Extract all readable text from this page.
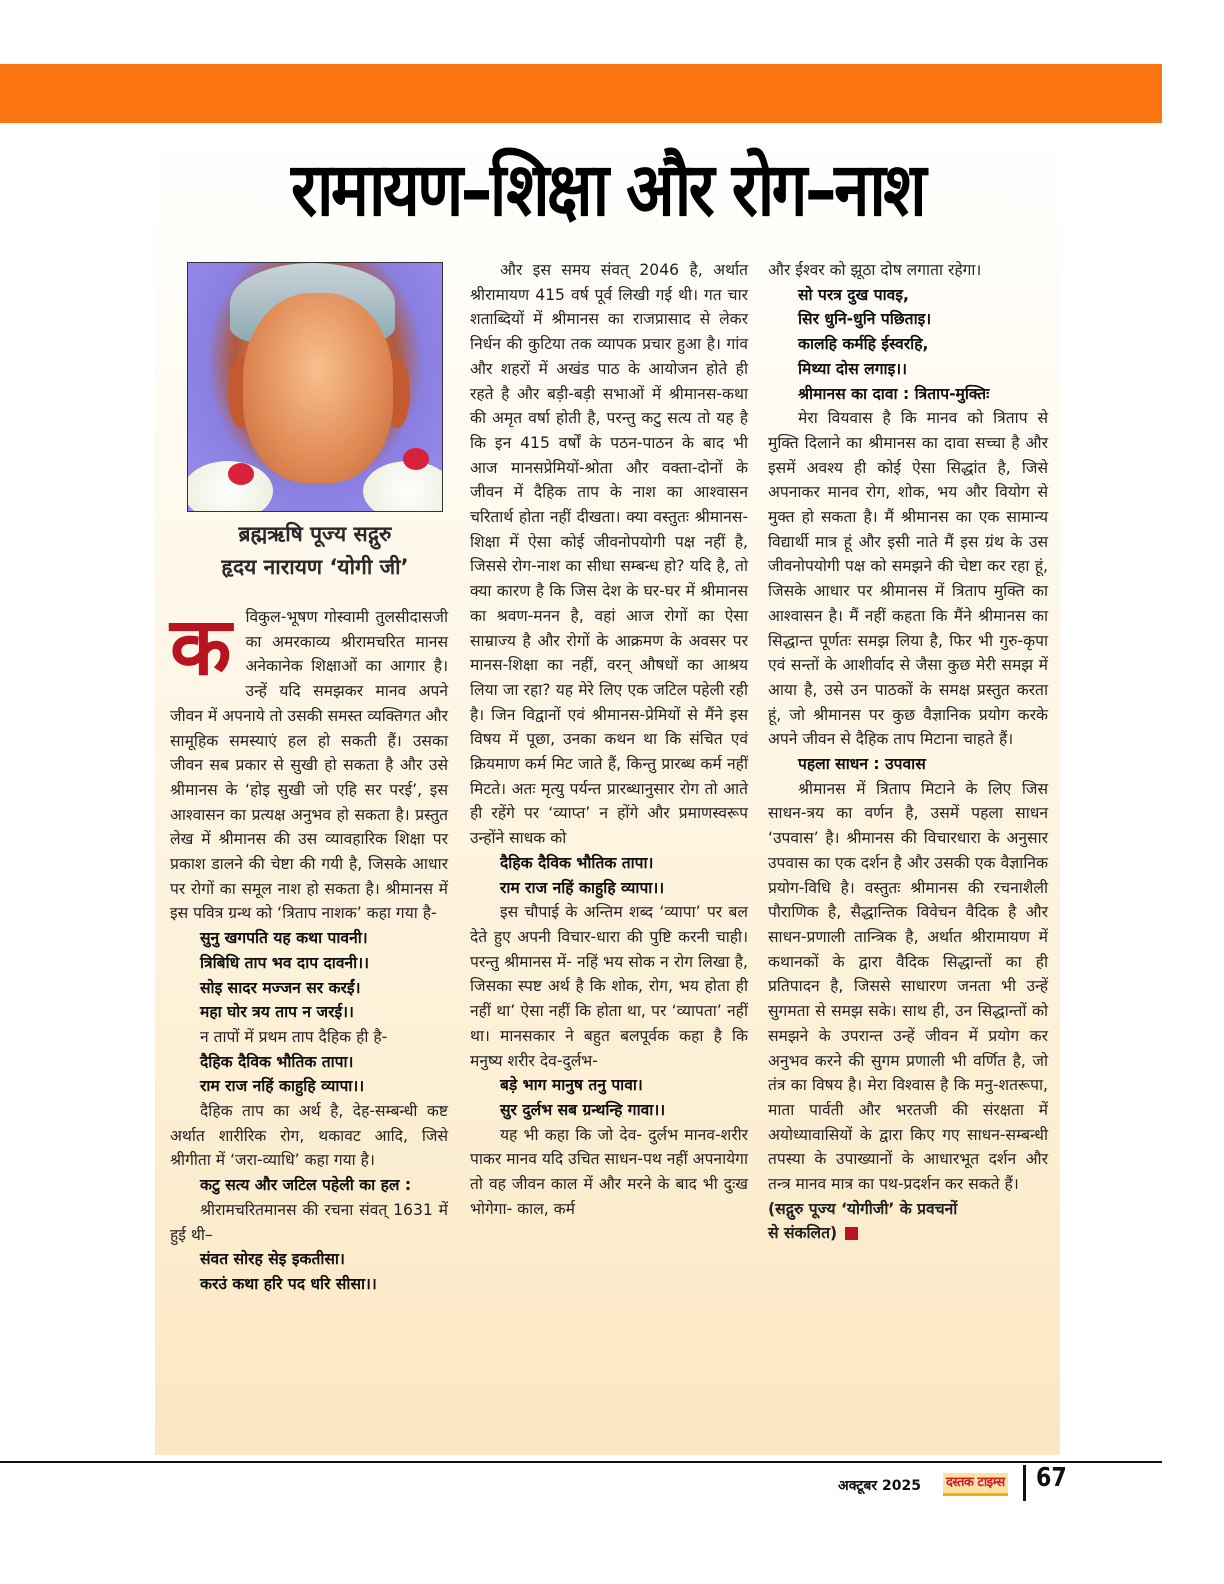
रामायण–शिक्षा और रोग–नाश
ब्रह्मऋषि पूज्य सद्गुरु
हृदय नारायण ‘योगी जी’
क विकुल-भूषण गोस्वामी तुलसीदासजी का अमरकाव्य श्रीरामचरित मानस अनेकानेक शिक्षाओं का आगार है। उन्हें यदि समझकर मानव अपने जीवन में अपनाये तो उसकी समस्त व्यक्तिगत और सामूहिक समस्याएं हल हो सकती हैं। उसका जीवन सब प्रकार से सुखी हो सकता है और उसे श्रीमानस के ‘होइ सुखी जो एहि सर परई’, इस आश्वासन का प्रत्यक्ष अनुभव हो सकता है। प्रस्तुत लेख में श्रीमानस की उस व्यावहारिक शिक्षा पर प्रकाश डालने की चेष्टा की गयी है, जिसके आधार पर रोगों का समूल नाश हो सकता है। श्रीमानस में इस पवित्र ग्रन्थ को ‘त्रिताप नाशक’ कहा गया है-

सुनु खगपति यह कथा पावनी।

त्रिबिधि ताप भव दाप दावनी।।

सोइ सादर मज्जन सर करईं।

महा घोर त्रय ताप न जरई।।

न तापों में प्रथम ताप दैहिक ही है-

दैहिक दैविक भौतिक तापा।

राम राज नहिं काहुहि व्यापा।।

दैहिक ताप का अर्थ है, देह-सम्बन्धी कष्ट अर्थात शारीरिक रोग, थकावट आदि, जिसे श्रीगीता में ‘जरा-व्याधि’ कहा गया है।

कटु सत्य और जटिल पहेली का हल :

श्रीरामचरितमानस की रचना संवत् 1631 में हुई थी–

संवत सोरह सेइ इकतीसा।

करउं कथा हरि पद धरि सीसा।।

और इस समय संवत् 2046 है, अर्थात श्रीरामायण 415 वर्ष पूर्व लिखी गई थी। गत चार शताब्दियों में श्रीमानस का राजप्रासाद से लेकर निर्धन की कुटिया तक व्यापक प्रचार हुआ है। गांव और शहरों में अखंड पाठ के आयोजन होते ही रहते है और बड़ी-बड़ी सभाओं में श्रीमानस-कथा की अमृत वर्षा होती है, परन्तु कटु सत्य तो यह है कि इन 415 वर्षों के पठन-पाठन के बाद भी आज मानसप्रेमियों-श्रोता और वक्ता-दोनों के जीवन में दैहिक ताप के नाश का आश्वासन चरितार्थ होता नहीं दीखता। क्या वस्तुतः श्रीमानस-शिक्षा में ऐसा कोई जीवनोपयोगी पक्ष नहीं है, जिससे रोग-नाश का सीधा सम्बन्ध हो? यदि है, तो क्या कारण है कि जिस देश के घर-घर में श्रीमानस का श्रवण-मनन है, वहां आज रोगों का ऐसा साम्राज्य है और रोगों के आक्रमण के अवसर पर मानस-शिक्षा का नहीं, वरन् औषधों का आश्रय लिया जा रहा? यह मेरे लिए एक जटिल पहेली रही है। जिन विद्वानों एवं श्रीमानस-प्रेमियों से मैंने इस विषय में पूछा, उनका कथन था कि संचित एवं क्रियमाण कर्म मिट जाते हैं, किन्तु प्रारब्ध कर्म नहीं मिटते। अतः मृत्यु पर्यन्त प्रारब्धानुसार रोग तो आते ही रहेंगे पर ‘व्याप्त’ न होंगे और प्रमाणस्वरूप उन्होंने साधक को

दैहिक दैविक भौतिक तापा।

राम राज नहिं काहुहि व्यापा।।

इस चौपाई के अन्तिम शब्द ‘व्यापा’ पर बल देते हुए अपनी विचार-धारा की पुष्टि करनी चाही। परन्तु श्रीमानस में- नहिं भय सोक न रोग लिखा है, जिसका स्पष्ट अर्थ है कि शोक, रोग, भय होता ही नहीं था’ ऐसा नहीं कि होता था, पर ‘व्यापता’ नहीं था। मानसकार ने बहुत बलपूर्वक कहा है कि मनुष्य शरीर देव-दुर्लभ-

बड़े भाग मानुष तनु पावा।

सुर दुर्लभ सब ग्रन्थन्हि गावा।।

यह भी कहा कि जो देव- दुर्लभ मानव-शरीर पाकर मानव यदि उचित साधन-पथ नहीं अपनायेगा तो वह जीवन काल में और मरने के बाद भी दुःख भोगेगा- काल, कर्म

और ईश्वर को झूठा दोष लगाता रहेगा।

सो परत्र दुख पावइ,

सिर धुनि-धुनि पछिताइ।

कालहि कर्महि ईस्वरहि,

मिथ्या दोस लगाइ।।

श्रीमानस का दावा : त्रिताप-मुक्तिः

मेरा वियवास है कि मानव को त्रिताप से मुक्ति दिलाने का श्रीमानस का दावा सच्चा है और इसमें अवश्य ही कोई ऐसा सिद्धांत है, जिसे अपनाकर मानव रोग, शोक, भय और वियोग से मुक्त हो सकता है। मैं श्रीमानस का एक सामान्य विद्यार्थी मात्र हूं और इसी नाते मैं इस ग्रंथ के उस जीवनोपयोगी पक्ष को समझने की चेष्टा कर रहा हूं, जिसके आधार पर श्रीमानस में त्रिताप मुक्ति का आश्वासन है। मैं नहीं कहता कि मैंने श्रीमानस का सिद्धान्त पूर्णतः समझ लिया है, फिर भी गुरु-कृपा एवं सन्तों के आशीर्वाद से जैसा कुछ मेरी समझ में आया है, उसे उन पाठकों के समक्ष प्रस्तुत करता हूं, जो श्रीमानस पर कुछ वैज्ञानिक प्रयोग करके अपने जीवन से दैहिक ताप मिटाना चाहते हैं।

पहला साधन : उपवास

श्रीमानस में त्रिताप मिटाने के लिए जिस साधन-त्रय का वर्णन है, उसमें पहला साधन ‘उपवास’ है। श्रीमानस की विचारधारा के अनुसार उपवास का एक दर्शन है और उसकी एक वैज्ञानिक प्रयोग-विधि है। वस्तुतः श्रीमानस की रचनाशैली पौराणिक है, सैद्धान्तिक विवेचन वैदिक है और साधन-प्रणाली तान्त्रिक है, अर्थात श्रीरामायण में कथानकों के द्वारा वैदिक सिद्धान्तों का ही प्रतिपादन है, जिससे साधारण जनता भी उन्हें सुगमता से समझ सके। साथ ही, उन सिद्धान्तों को समझने के उपरान्त उन्हें जीवन में प्रयोग कर अनुभव करने की सुगम प्रणाली भी वर्णित है, जो तंत्र का विषय है। मेरा विश्वास है कि मनु-शतरूपा, माता पार्वती और भरतजी की संरक्षता में अयोध्यावासियों के द्वारा किए गए साधन-सम्बन्धी तपस्या के उपाख्यानों के आधारभूत दर्शन और तन्त्र मानव मात्र का पथ-प्रदर्शन कर सकते हैं।

(सद्गुरु पूज्य ‘योगीजी’ के प्रवचनों

से संकलित)

अक्टूबर 2025 दस्तक टाइम्स 67
